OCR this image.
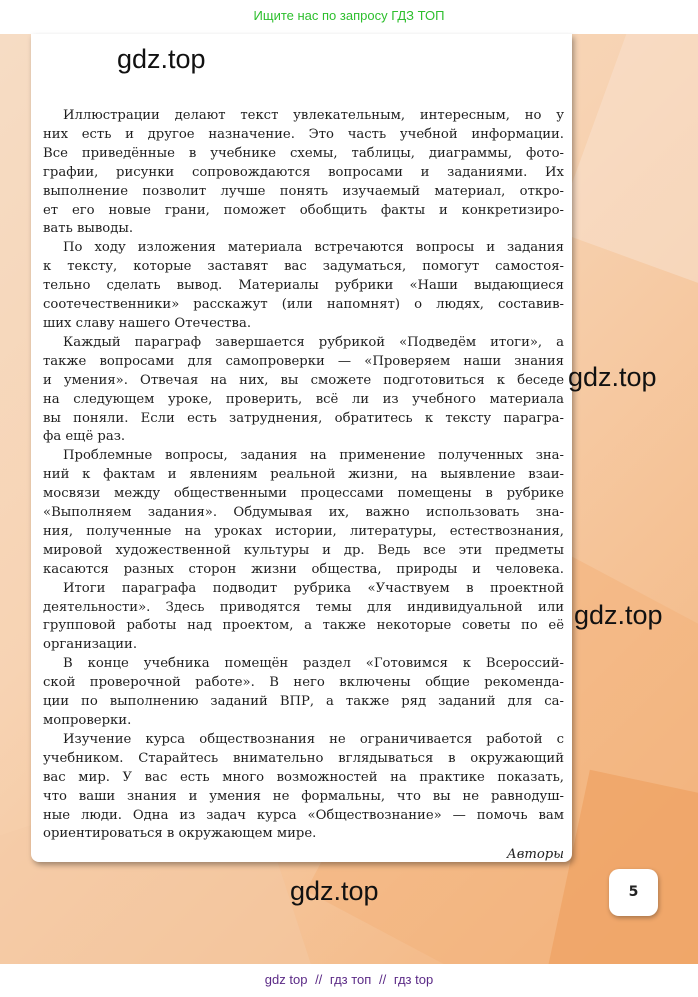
Ищите нас по запросу ГДЗ ТОП
gdz.top
gdz.top
gdz.top
gdz.top
Иллюстрации делают текст увлекательным, интересным, но у
них есть и другое назначение. Это часть учебной информации.
Все приведённые в учебнике схемы, таблицы, диаграммы, фото-
графии, рисунки сопровождаются вопросами и заданиями. Их
выполнение позволит лучше понять изучаемый материал, откро-
ет его новые грани, поможет обобщить факты и конкретизиро-
вать выводы.
По ходу изложения материала встречаются вопросы и задания
к тексту, которые заставят вас задуматься, помогут самостоя-
тельно сделать вывод. Материалы рубрики «Наши выдающиеся
соотечественники» расскажут (или напомнят) о людях, составив-
ших славу нашего Отечества.
Каждый параграф завершается рубрикой «Подведём итоги», а
также вопросами для самопроверки — «Проверяем наши знания
и умения». Отвечая на них, вы сможете подготовиться к беседе
на следующем уроке, проверить, всё ли из учебного материала
вы поняли. Если есть затруднения, обратитесь к тексту парагра-
фа ещё раз.
Проблемные вопросы, задания на применение полученных зна-
ний к фактам и явлениям реальной жизни, на выявление взаи-
мосвязи между общественными процессами помещены в рубрике
«Выполняем задания». Обдумывая их, важно использовать зна-
ния, полученные на уроках истории, литературы, естествознания,
мировой художественной культуры и др. Ведь все эти предметы
касаются разных сторон жизни общества, природы и человека.
Итоги параграфа подводит рубрика «Участвуем в проектной
деятельности». Здесь приводятся темы для индивидуальной или
групповой работы над проектом, а также некоторые советы по её
организации.
В конце учебника помещён раздел «Готовимся к Всероссий-
ской проверочной работе». В него включены общие рекоменда-
ции по выполнению заданий ВПР, а также ряд заданий для са-
мопроверки.
Изучение курса обществознания не ограничивается работой с
учебником. Старайтесь внимательно вглядываться в окружающий
вас мир. У вас есть много возможностей на практике показать,
что ваши знания и умения не формальны, что вы не равнодуш-
ные люди. Одна из задач курса «Обществознание» — помочь вам
ориентироваться в окружающем мире.
Авторы
5
gdz top // гдз топ // гдз top
